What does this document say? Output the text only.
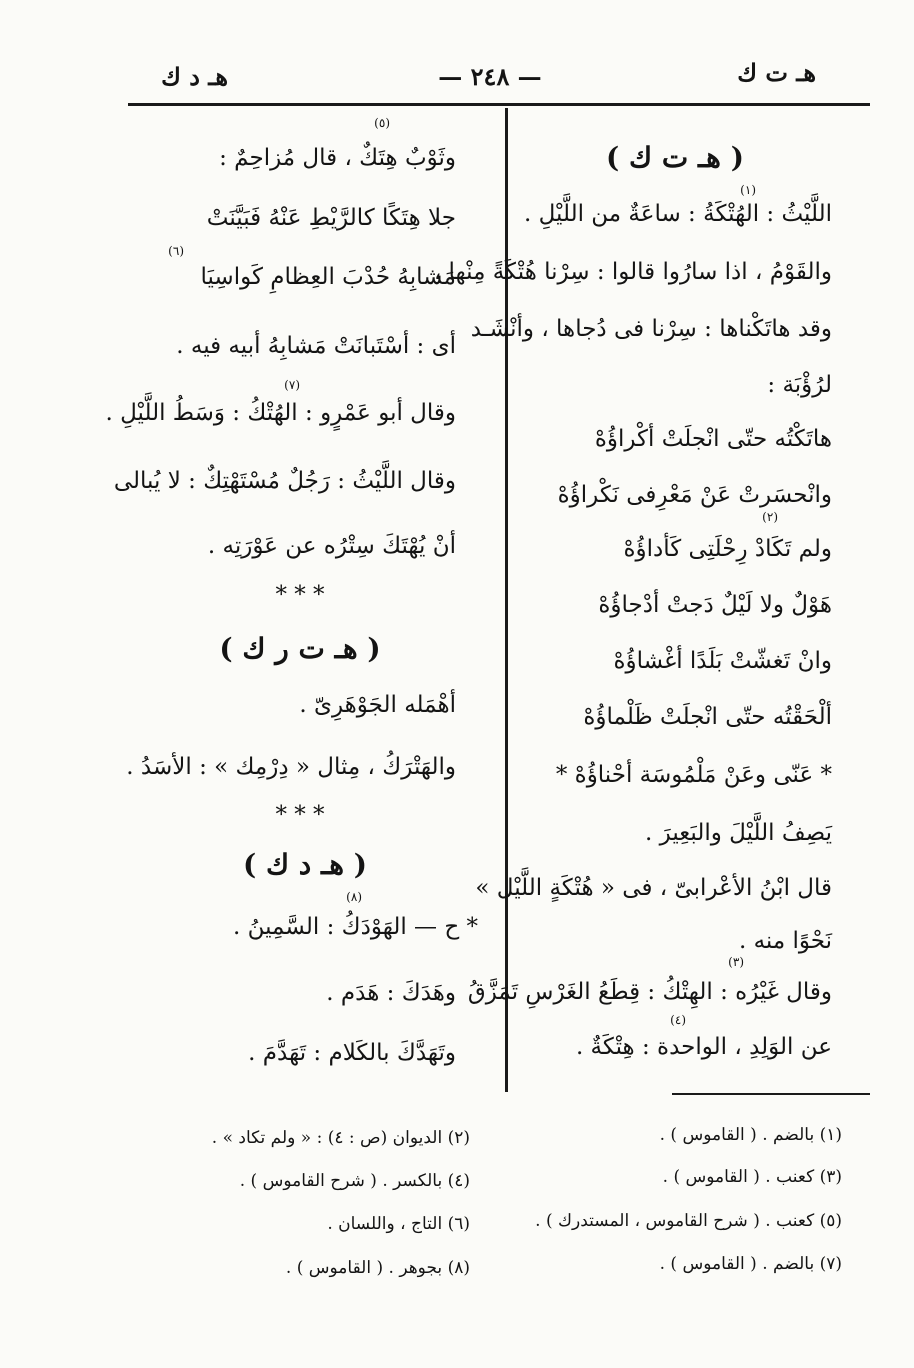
هـ ت ك
— ٢٤٨ —
هـ د ك
( هـ ت ك )
(١)
اللَّيْثُ : الهُتْكَةُ : ساعَةٌ من اللَّيْلِ .
والقَوْمُ ، اذا سارُوا قالوا : سِرْنا هُتْكَةً مِنْها ،
وقد هاتَكْناها : سِرْنا فى دُجاها ، وأنْشَـد
لرُؤْبَة :
هاتَكْتُه حتّى انْجلَتْ أكْراؤُهْ
وانْحسَرتْ عَنْ مَعْرِفى نَكْراؤُهْ
(٢)
ولم تَكَادْ رِحْلَتِى كَأداؤُهْ
هَوْلٌ ولا لَيْلٌ دَجتْ أدْجاؤُهْ
وانْ تَغشّتْ بَلَدًا أغْشاؤُهْ
ألْحَقْتُه حتّى انْجلَتْ ظَلْماؤُهْ
* عَنّى وعَنْ مَلْمُوسَة أحْناؤُهْ *
يَصِفُ اللَّيْلَ والبَعِيرَ .
قال ابْنُ الأعْرابىّ ، فى « هُتْكَةٍ اللَّيْل »
نَحْوًا منه .
(٣)
وقال غَيْرُه : الهِتْكُ : قِطَعُ الغَرْسِ تَمَزَّقُ
(٤)
عن الوَلِدِ ، الواحدة : هِتْكَةٌ .
(٥)
وثَوْبٌ هِتَكٌ ، قال مُزاحِمٌ :
جلا هِتَكًا كالرَّيْطِ عَنْهُ فَبَيَّنَتْ
(٦)
مَشابِهُ حُدْبَ العِظامِ كَواسِيَا
أى : أسْتَبانَتْ مَشابِهُ أبيه فيه .
(٧)
وقال أبو عَمْرٍو : الهُتْكُ : وَسَطُ اللَّيْلِ .
وقال اللَّيْثُ : رَجُلٌ مُسْتَهْتِكٌ : لا يُبالى
أنْ يُهْتَكَ سِتْرُه عن عَوْرَتِه .
* * *
( هـ ت ر ك )
أهْمَله الجَوْهَرِىّ .
والهَتْرَكُ ، مِثال « دِرْمِك » : الأسَدُ .
* * *
( هـ د ك )
(٨)
* ح — الهَوْدَكُ : السَّمِينُ .
وهَدَكَ : هَدَم .
وتَهَدَّكَ بالكَلام : تَهَدَّمَ .
(١) بالضم . ( القاموس ) .
(٣) كعنب . ( القاموس ) .
(٥) كعنب . ( شرح القاموس ، المستدرك ) .
(٧) بالضم . ( القاموس ) .
(٢) الديوان (ص : ٤) : « ولم تكاد » .
(٤) بالكسر . ( شرح القاموس ) .
(٦) التاج ، واللسان .
(٨) بجوهر . ( القاموس ) .
